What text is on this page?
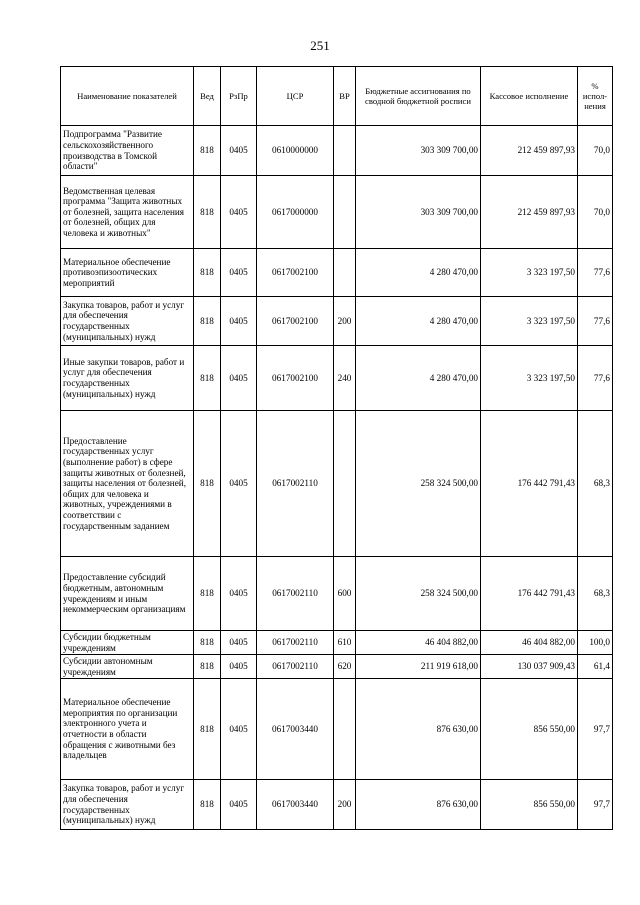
251
Наименование показателей	Вед	РзПр	ЦСР	ВР	Бюджетные ассигнования по сводной бюджетной росписи	Кассовое исполнение	% испол-нения
Подпрограмма "Развитие сельскохозяйственного производства в Томской области"	818	0405	0610000000		303 309 700,00	212 459 897,93	70,0
Ведомственная целевая программа "Защита животных от болезней, защита населения от болезней, общих для человека и животных"	818	0405	0617000000		303 309 700,00	212 459 897,93	70,0
Материальное обеспечение противоэпизоотических мероприятий	818	0405	0617002100		4 280 470,00	3 323 197,50	77,6
Закупка товаров, работ и услуг для обеспечения государственных (муниципальных) нужд	818	0405	0617002100	200	4 280 470,00	3 323 197,50	77,6
Иные закупки товаров, работ и услуг для обеспечения государственных (муниципальных) нужд	818	0405	0617002100	240	4 280 470,00	3 323 197,50	77,6
Предоставление государственных услуг (выполнение работ) в сфере защиты животных от болезней, защиты населения от болезней, общих для человека и животных, учреждениями в соответствии с государственным заданием	818	0405	0617002110		258 324 500,00	176 442 791,43	68,3
Предоставление субсидий бюджетным, автономным учреждениям и иным некоммерческим организациям	818	0405	0617002110	600	258 324 500,00	176 442 791,43	68,3
Субсидии бюджетным учреждениям	818	0405	0617002110	610	46 404 882,00	46 404 882,00	100,0
Субсидии автономным учреждениям	818	0405	0617002110	620	211 919 618,00	130 037 909,43	61,4
Материальное обеспечение мероприятия по организации электронного учета и отчетности в области обращения с животными без владельцев	818	0405	0617003440		876 630,00	856 550,00	97,7
Закупка товаров, работ и услуг для обеспечения государственных (муниципальных) нужд	818	0405	0617003440	200	876 630,00	856 550,00	97,7
